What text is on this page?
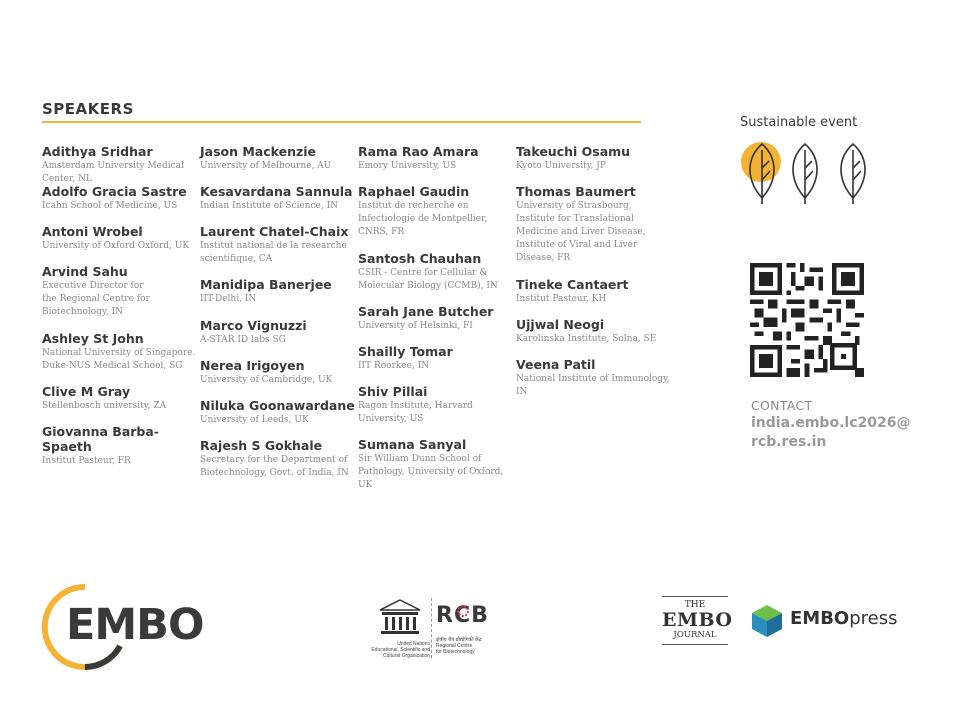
SPEAKERS
Adithya Sridhar
Amsterdam University Medical
Center, NL
Adolfo Gracia Sastre
Icahn School of Medicine, US
Antoni Wrobel
University of Oxford Oxford, UK
Arvind Sahu
Executive Director for
the Regional Centre for
Biotechnology, IN
Ashley St John
National University of Singapore.
Duke-NUS Medical School, SG
Clive M Gray
Stellenbosch university, ZA
Giovanna Barba-
Spaeth
Institut Pasteur, FR
Jason Mackenzie
University of Melbourne, AU
Kesavardana Sannula
Indian Institute of Science, IN
Laurent Chatel-Chaix
Institut national de la researche
scientifique, CA
Manidipa Banerjee
IIT-Delhi, IN
Marco Vignuzzi
A-STAR ID labs SG
Nerea Irigoyen
University of Cambridge, UK
Niluka Goonawardane
University of Leeds, UK
Rajesh S Gokhale
Secretary for the Department of
Biotechnology, Govt. of India, IN
Rama Rao Amara
Emory University, US
Raphael Gaudin
Institut de recherche en
Infectiologie de Montpellier,
CNRS, FR
Santosh Chauhan
CSIR - Centre for Cellular &
Molecular Biology (CCMB), IN
Sarah Jane Butcher
University of Helsinki, FI
Shailly Tomar
IIT Roorkee, IN
Shiv Pillai
Ragon Institute, Harvard
University, US
Sumana Sanyal
Sir William Dunn School of
Pathology, University of Oxford,
UK
Takeuchi Osamu
Kyoto University, JP
Thomas Baumert
University of Strasbourg,
Institute for Translational
Medicine and Liver Disease,
Institute of Viral and Liver
Disease, FR
Tineke Cantaert
Institut Pasteur, KH
Ujjwal Neogi
Karolinska Institute, Solna, SE
Veena Patil
National Institute of Immunology,
IN
Sustainable event
CONTACT
india.embo.lc2026@
rcb.res.in
EMBO	United Nations
Educational, Scientific and
Cultural Organization
RCB
क्षेत्रीय जैव प्रौद्योगिकी केंद्र
Regional Centre
for Biotechnology
THE
EMBO
JOURNAL
EMBOpress
